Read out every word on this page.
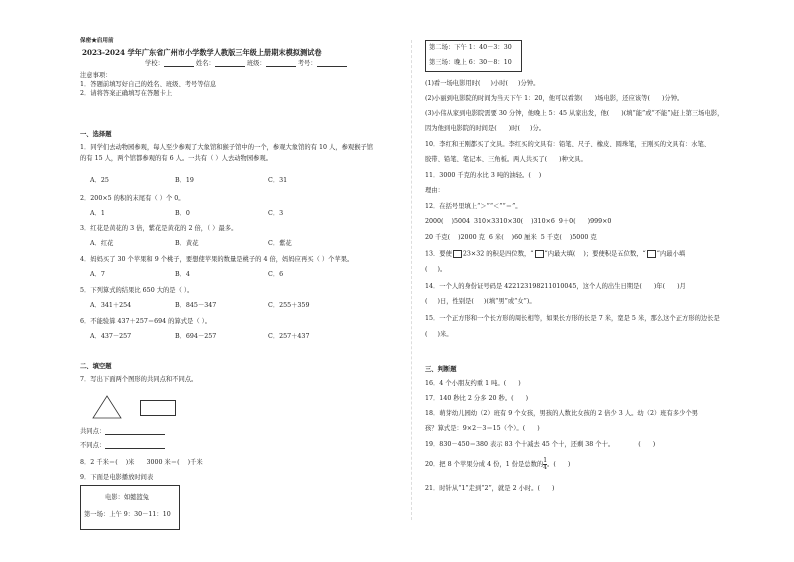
保密★启用前
2023-2024 学年广东省广州市小学数学人教版三年级上册期末模拟测试卷
学校：	姓名：	班级：	考号：
注意事项：
1．答题前填写好自己的姓名、班级、考号等信息
2．请将答案正确填写在答题卡上
一、选择题
1．同学们去动物园参观，每人至少参观了大象馆和猴子馆中的一个，参观大象馆的有 10 人，参观猴子馆
的有 15 人，两个馆都参观的有 6 人。一共有（ ）人去动物园参观。
A．25	B．19	C．31
2．200×5 的积的末尾有（ ）个 0。
A．1	B．0	C．3
3．红花是黄花的 3 倍，紫花是黄花的 2 倍，（ ）最多。
A．红花	B．黄花	C．紫花
4．妈妈买了 30 个苹果和 9 个桃子，要想使苹果的数量是桃子的 4 倍，妈妈应再买（ ）个苹果。
A．7	B．4	C．6
5．下列算式的结果比 650 大的是（ ）。
A．341＋254	B．845－347	C．255＋359
6．不能验算 437＋257＝694 的算式是（ ）。
A．437－257	B．694－257	C．257＋437
二、填空题
7．写出下面两个图形的共同点和不同点。
共同点：
不同点：
8．2 千米＝( )米 3000 米＝( )千米
9．下面是电影播放时间表
电影：如懿篮兔
第一场：上午 9：30－11：10
第二场：下午 1：40－3：30
第三场：晚上 6：30－8：10
(1)看一场电影用时( )小时( )分钟。
(2)小丽到电影院的时间为当天下午 1：20，他可以看第( )场电影，还应该等( )分钟。
(3)小伟从家到电影院需要 30 分钟，他晚上 5：45 从家出发，他( )(填“能”或“不能”)赶上第三场电影，
因为他到电影院的时间是( )时( )分。
10．李红和王刚都买了文具。李红买的文具有：铅笔、尺子、橡皮、圆珠笔，王刚买的文具有：水笔、
胶带、铅笔、笔记本、三角板。两人共买了( )种文具。
11．3000 千克的水比 3 吨的油轻。( )
理由：
12．在括号里填上“＞”“＜”“＝”。
2000( )5004 310×3310×30( )310×6 9＋0( )999×0
20 千克( )2000 克 6 米( )60 厘米 5 千克( )5000 克
13．要使 23×32 的积是四位数，“ ”内最大填( )；要使积是五位数，“ ”内最小填
( )。
14．一个人的身份证号码是 422123198211010045，这个人的出生日期是( )年( )月
( )日，性别是( )(填“男”或“女”)。
15．一个正方形和一个长方形的周长相等，如果长方形的长是 7 米，宽是 5 米，那么这个正方形的边长是
( )米。
三、判断题
16．4 个小朋友约重 1 吨。( )
17．140 秒比 2 分多 20 秒。( )
18．萌芽幼儿园幼（2）班有 9 个女孩，男孩的人数比女孩的 2 倍少 3 人。幼（2）班有多少个男
孩？算式是：9×2－3＝15（个）。( )
19．830－450＝380 表示 83 个十减去 45 个十，还剩 38 个十。	( )
20．把 8 个苹果分成 4 份，1 份是总数的 $\frac{1}{4}$ 。( )
21．时针从“1”走到“2”，就是 2 小时。( )
